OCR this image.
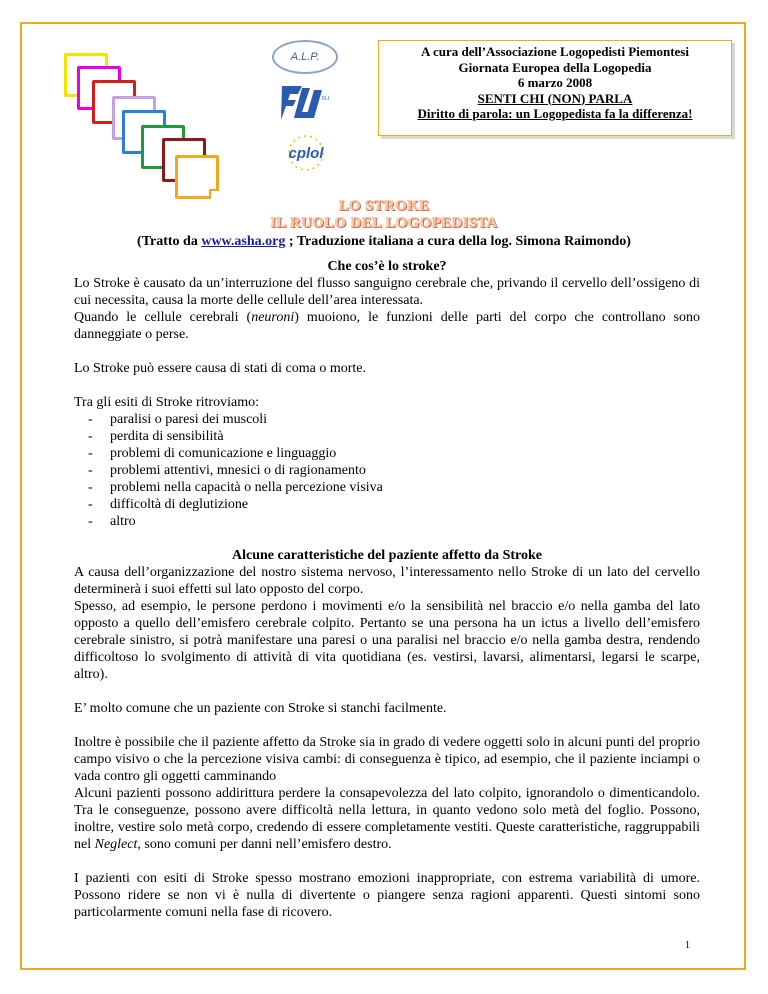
A.L.P.
FLI
cplol
A cura dell’Associazione Logopedisti Piemontesi
Giornata Europea della Logopedia
6 marzo 2008
SENTI CHI (NON) PARLA
Diritto di parola: un Logopedista fa la differenza!
LO STROKE
IL RUOLO DEL LOGOPEDISTA
(Tratto da www.asha.org ; Traduzione italiana a cura della log. Simona Raimondo)
Che cos’è lo stroke?

Lo Stroke è causato da un’interruzione del flusso sanguigno cerebrale che, privando il cervello dell’ossigeno di cui necessita, causa la morte delle cellule dell’area interessata.

Quando le cellule cerebrali (neuroni) muoiono, le funzioni delle parti del corpo che controllano sono danneggiate o perse.

Lo Stroke può essere causa di stati di coma o morte.

Tra gli esiti di Stroke ritroviamo:

- paralisi o paresi dei muscoli
- perdita di sensibilità
- problemi di comunicazione e linguaggio
- problemi attentivi, mnesici o di ragionamento
- problemi nella capacità o nella percezione visiva
- difficoltà di deglutizione
- altro
Alcune caratteristiche del paziente affetto da Stroke

A causa dell’organizzazione del nostro sistema nervoso, l’interessamento nello Stroke di un lato del cervello determinerà i suoi effetti sul lato opposto del corpo.

Spesso, ad esempio, le persone perdono i movimenti e/o la sensibilità nel braccio e/o nella gamba del lato opposto a quello dell’emisfero cerebrale colpito. Pertanto se una persona ha un ictus a livello dell’emisfero cerebrale sinistro, si potrà manifestare una paresi o una paralisi nel braccio e/o nella gamba destra, rendendo difficoltoso lo svolgimento di attività di vita quotidiana (es. vestirsi, lavarsi, alimentarsi, legarsi le scarpe, altro).

E’ molto comune che un paziente con Stroke si stanchi facilmente.

Inoltre è possibile che il paziente affetto da Stroke sia in grado di vedere oggetti solo in alcuni punti del proprio campo visivo o che la percezione visiva cambi: di conseguenza è tipico, ad esempio, che il paziente inciampi o vada contro gli oggetti camminando

Alcuni pazienti possono addirittura perdere la consapevolezza del lato colpito, ignorandolo o dimenticandolo. Tra le conseguenze, possono avere difficoltà nella lettura, in quanto vedono solo metà del foglio. Possono, inoltre, vestire solo metà corpo, credendo di essere completamente vestiti. Queste caratteristiche, raggruppabili nel Neglect, sono comuni per danni nell’emisfero destro.

I pazienti con esiti di Stroke spesso mostrano emozioni inappropriate, con estrema variabilità di umore. Possono ridere se non vi è nulla di divertente o piangere senza ragioni apparenti. Questi sintomi sono particolarmente comuni nella fase di ricovero.

1
